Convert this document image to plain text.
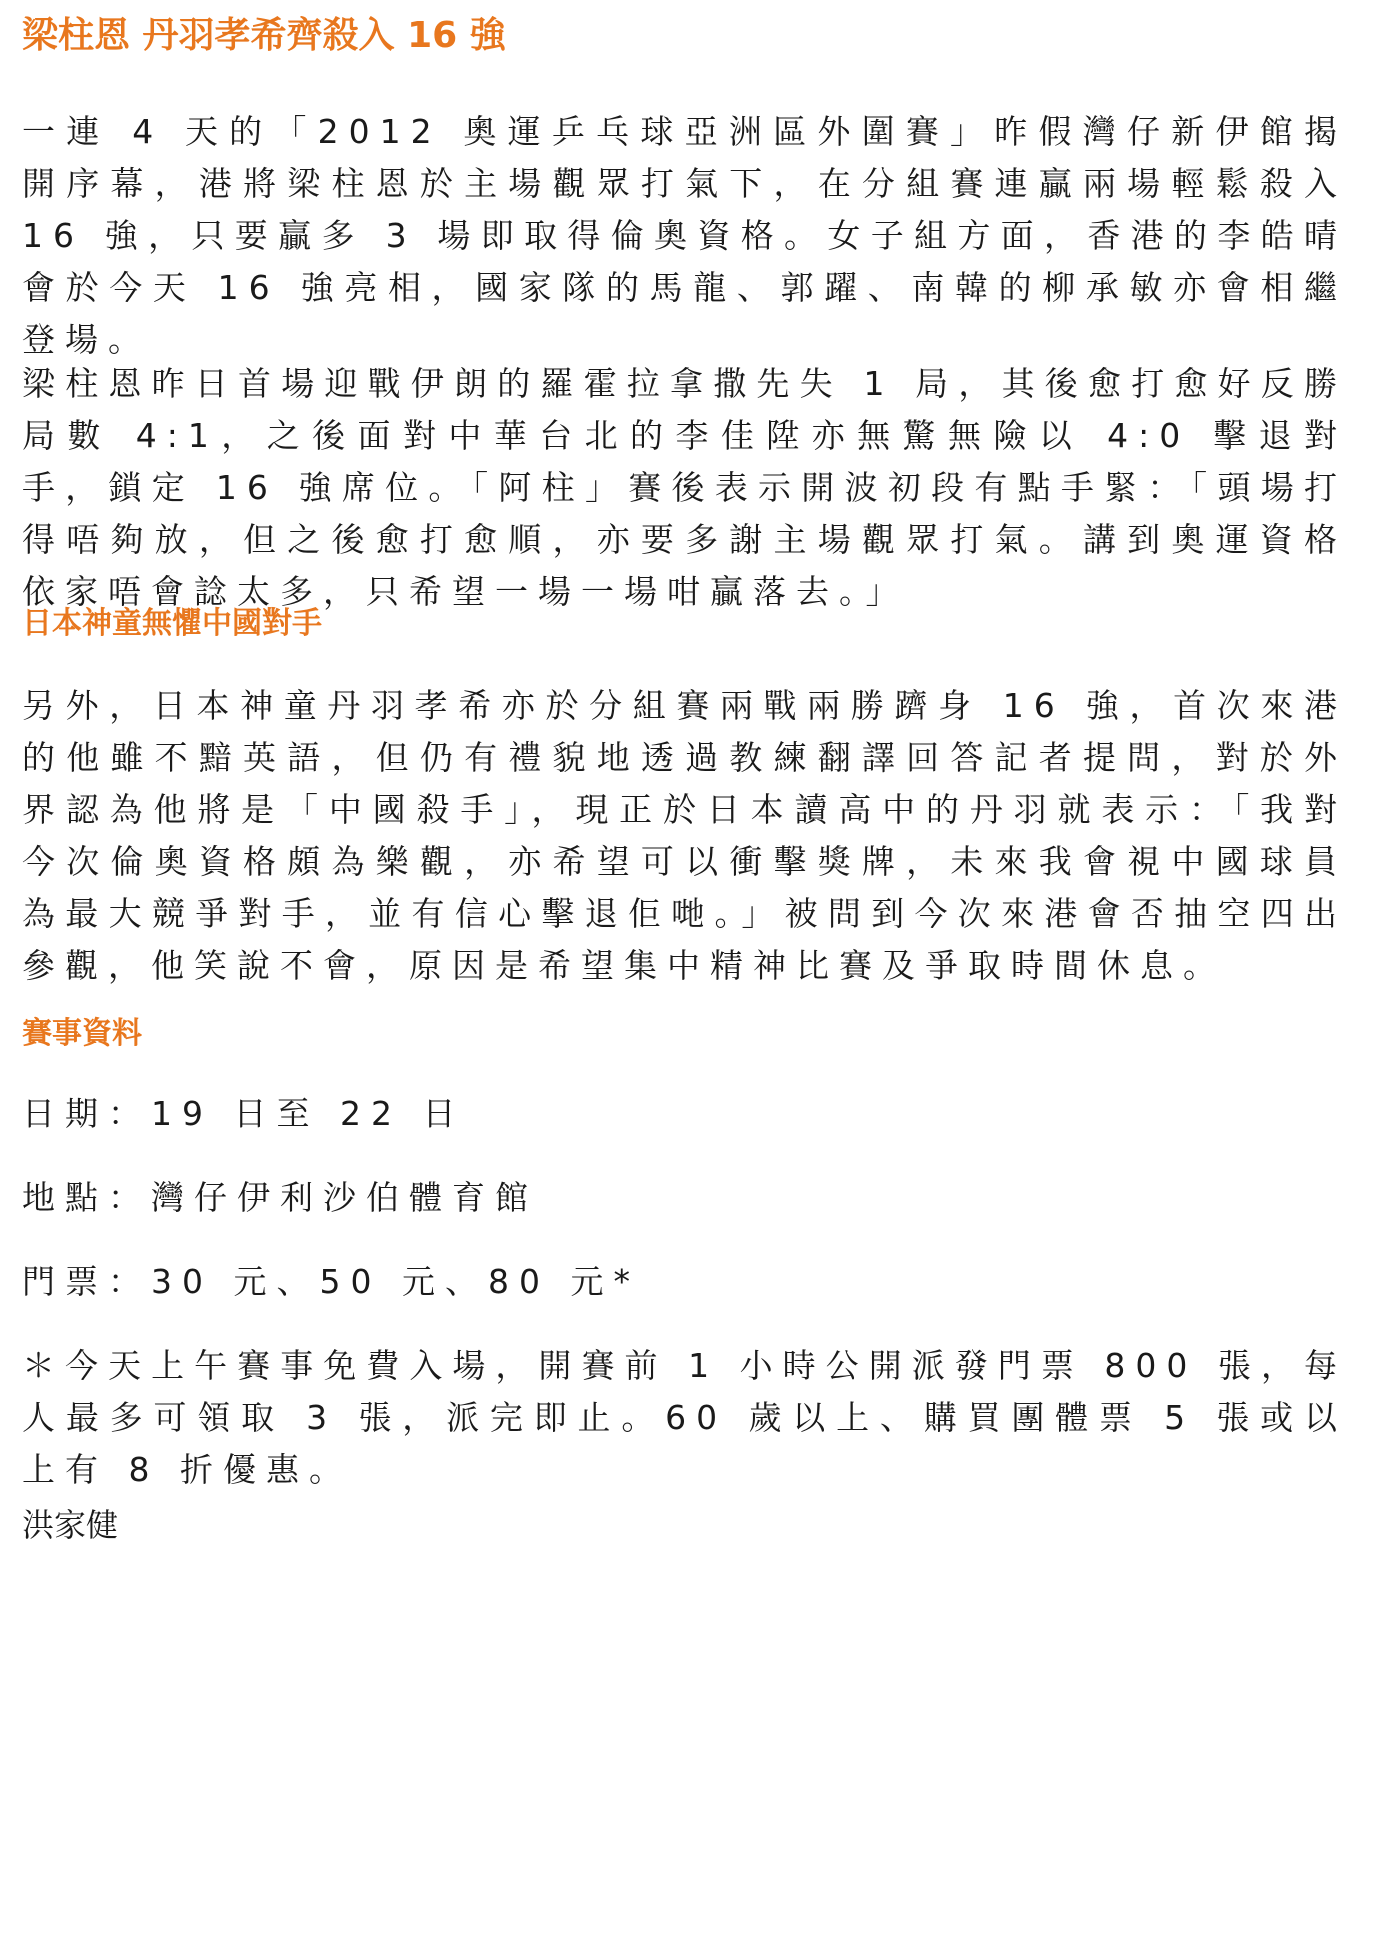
梁柱恩 丹羽孝希齊殺入 16 強

一連 4 天的「2012 奧運乒乓球亞洲區外圍賽」昨假灣仔新伊館揭開序幕，港將梁柱恩於主場觀眾打氣下，在分組賽連贏兩場輕鬆殺入 16 強，只要贏多 3 場即取得倫奧資格。女子組方面，香港的李皓晴會於今天 16 強亮相，國家隊的馬龍、郭躍、南韓的柳承敏亦會相繼登場。

梁柱恩昨日首場迎戰伊朗的羅霍拉拿撒先失 1 局，其後愈打愈好反勝局數 4:1，之後面對中華台北的李佳陞亦無驚無險以 4:0 擊退對手，鎖定 16 強席位。「阿柱」賽後表示開波初段有點手緊：「頭場打得唔夠放，但之後愈打愈順，亦要多謝主場觀眾打氣。講到奧運資格依家唔會諗太多，只希望一場一場咁贏落去。」

日本神童無懼中國對手

另外，日本神童丹羽孝希亦於分組賽兩戰兩勝躋身 16 強，首次來港的他雖不黯英語，但仍有禮貌地透過教練翻譯回答記者提問，對於外界認為他將是「中國殺手」，現正於日本讀高中的丹羽就表示：「我對今次倫奧資格頗為樂觀，亦希望可以衝擊獎牌，未來我會視中國球員為最大競爭對手，並有信心擊退佢哋。」被問到今次來港會否抽空四出參觀，他笑說不會，原因是希望集中精神比賽及爭取時間休息。

賽事資料

日期：19 日至 22 日

地點：灣仔伊利沙伯體育館

門票：30 元、50 元、80 元*

＊今天上午賽事免費入場，開賽前 1 小時公開派發門票 800 張，每人最多可領取 3 張，派完即止。60 歲以上、購買團體票 5 張或以上有 8 折優惠。

洪家健
